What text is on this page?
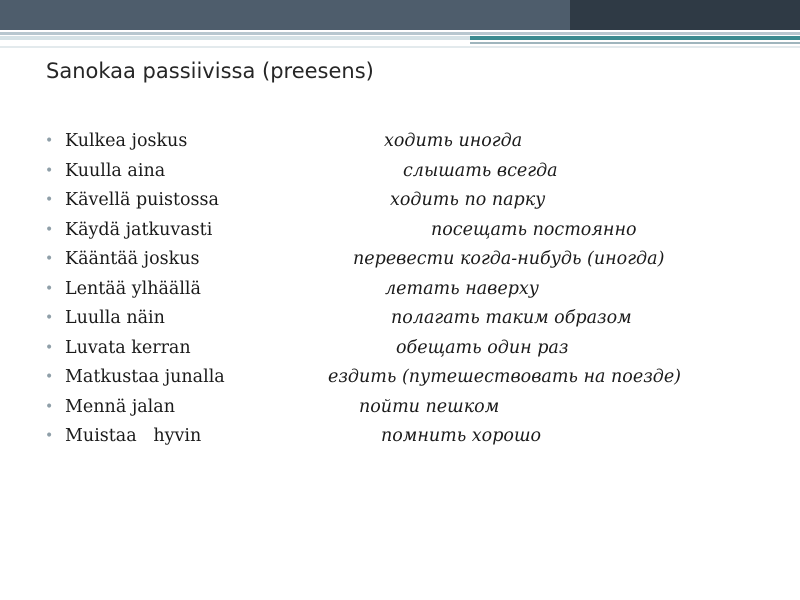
Sanokaa passiivissa (preesens)
• Kulkea joskus	ходить иногда
• Kuulla aina	слышать всегда
• Kävellä puistossa	ходить по парку
• Käydä jatkuvasti	посещать постоянно
• Kääntää joskus	перевести когда-нибудь (иногда)
• Lentää ylhäällä	летать наверху
• Luulla näin	полагать таким образом
• Luvata kerran	обещать один раз
• Matkustaa junalla	ездить (путешествовать на поезде)
• Mennä jalan	пойти пешком
• Muistaa   hyvin	помнить хорошо
